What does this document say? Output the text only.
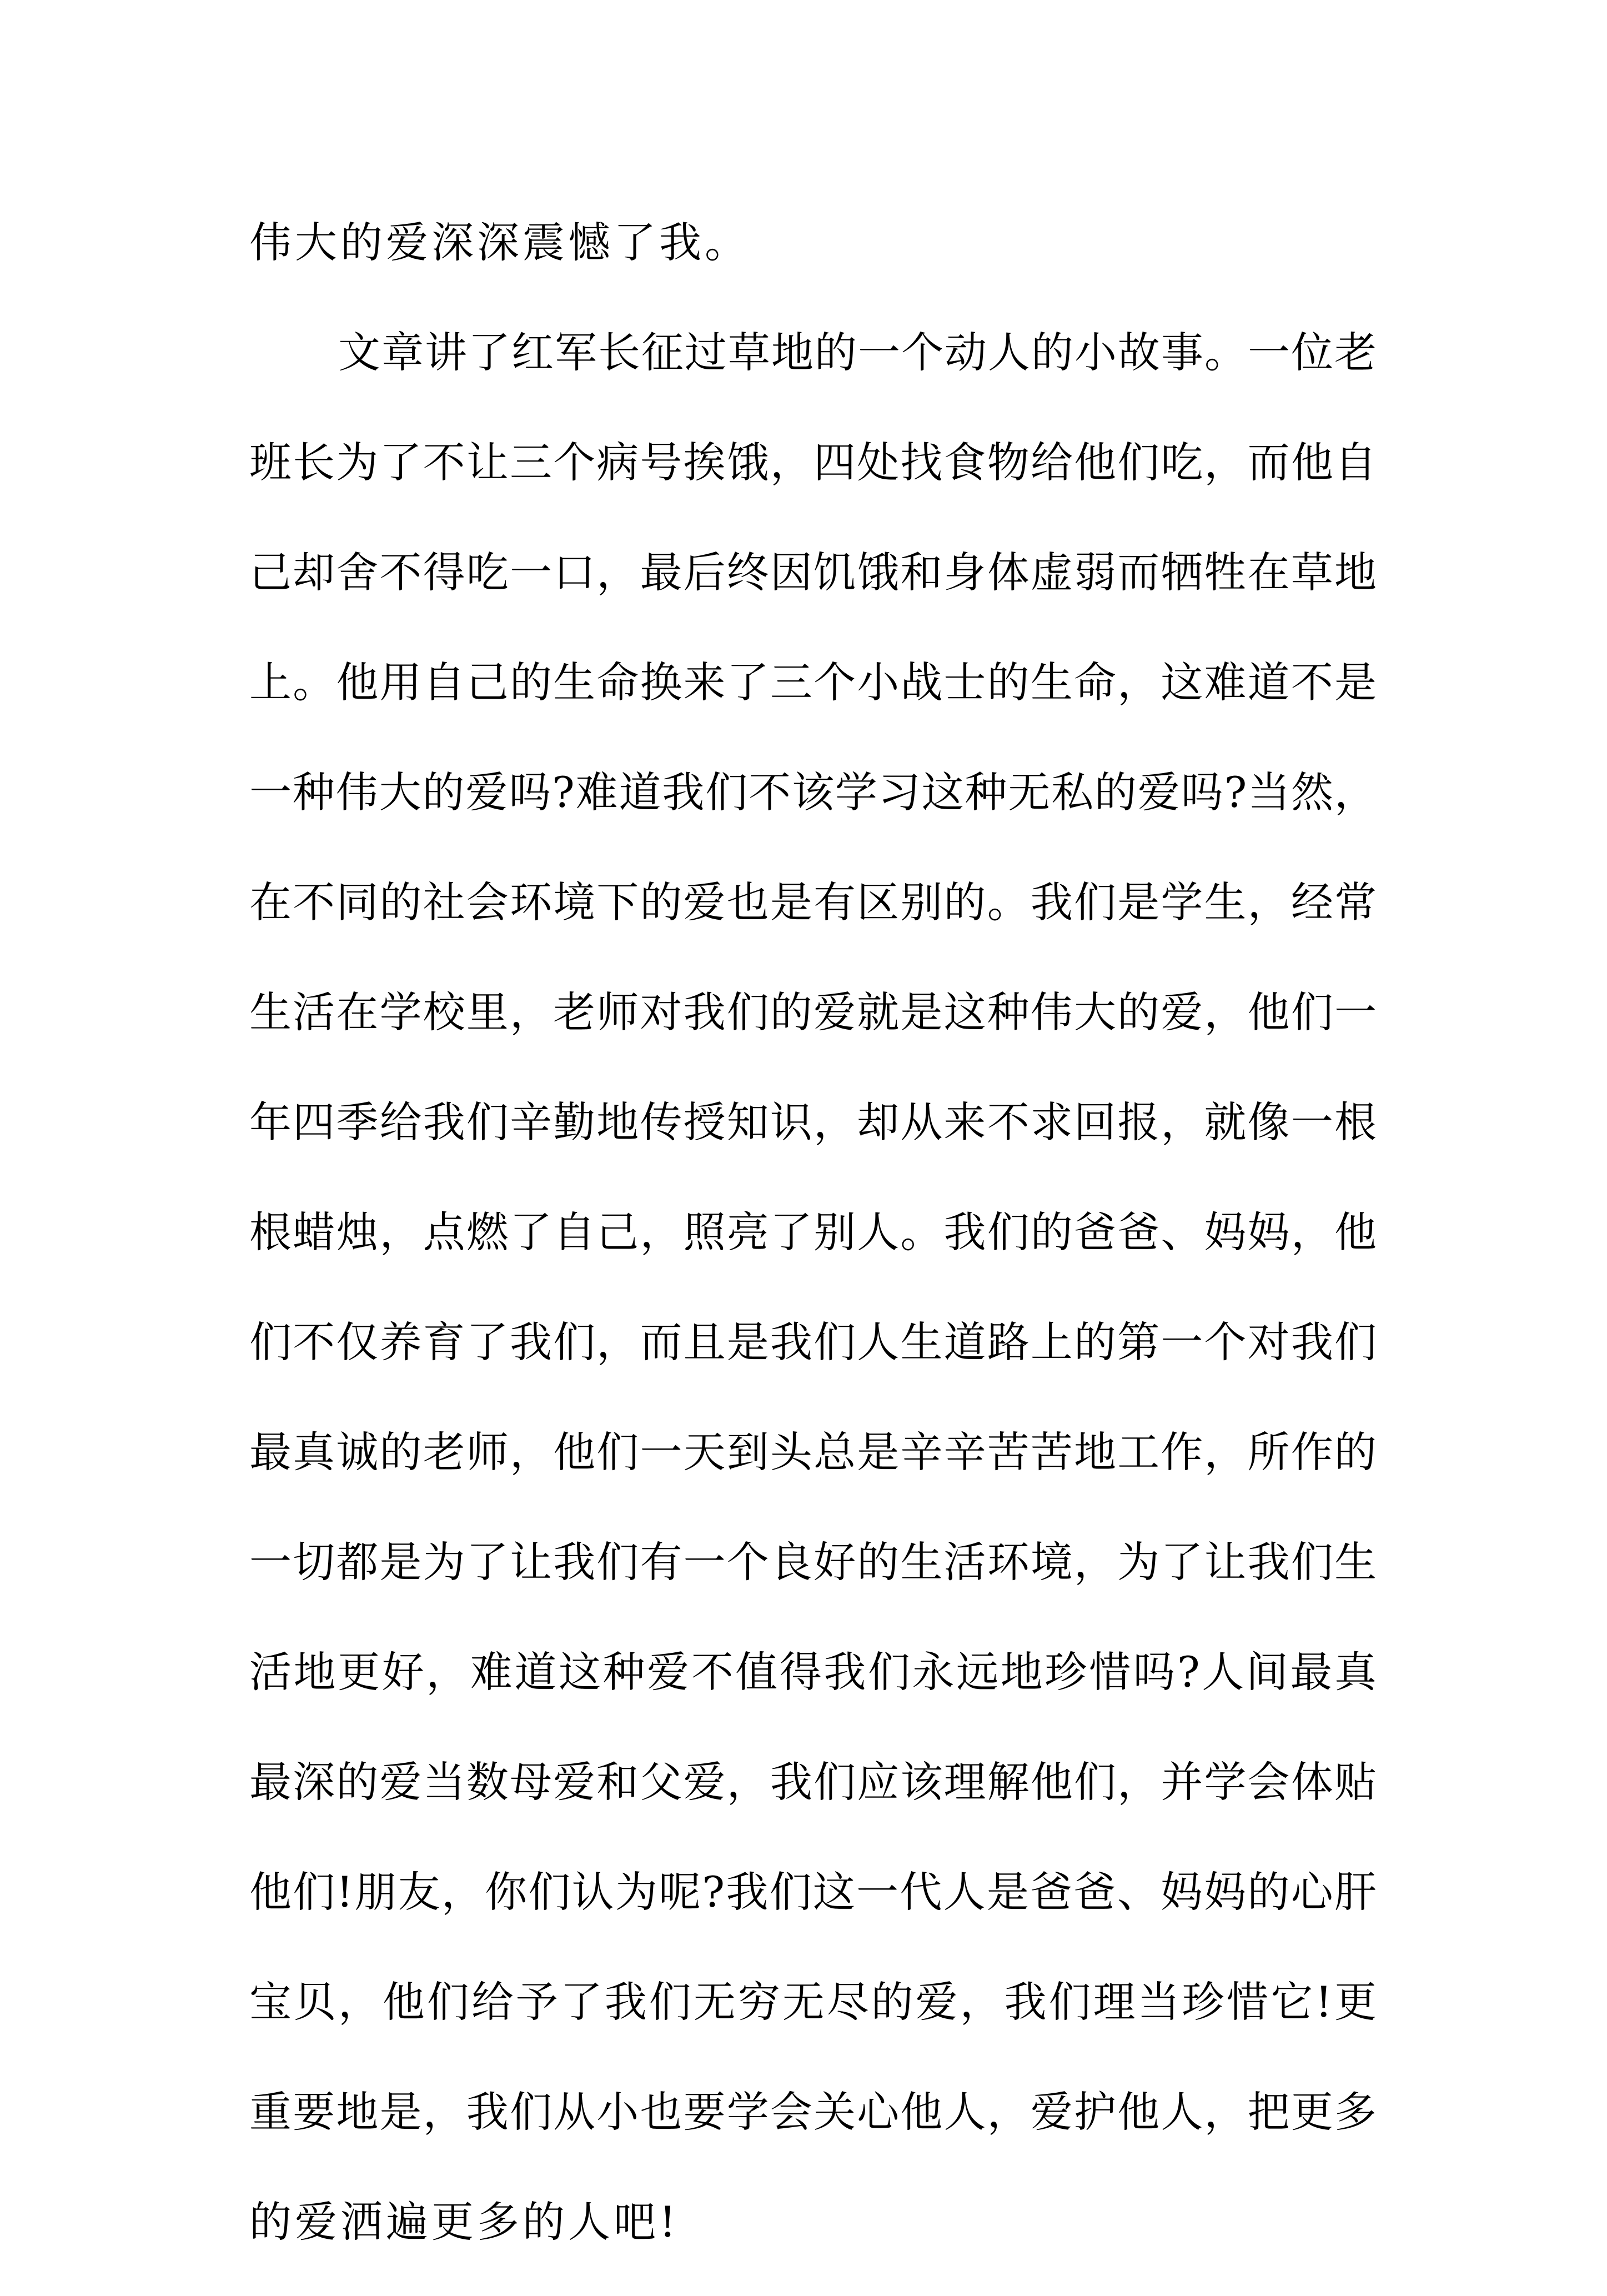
伟大的爱深深震憾了我。
文章讲了红军长征过草地的一个动人的小故事。一位老
班长为了不让三个病号挨饿，四处找食物给他们吃，而他自
己却舍不得吃一口，最后终因饥饿和身体虚弱而牺牲在草地
上。他用自己的生命换来了三个小战士的生命，这难道不是
一种伟大的爱吗?难道我们不该学习这种无私的爱吗?当然，
在不同的社会环境下的爱也是有区别的。我们是学生，经常
生活在学校里，老师对我们的爱就是这种伟大的爱，他们一
年四季给我们辛勤地传授知识，却从来不求回报，就像一根
根蜡烛，点燃了自己，照亮了别人。我们的爸爸、妈妈，他
们不仅养育了我们，而且是我们人生道路上的第一个对我们
最真诚的老师，他们一天到头总是辛辛苦苦地工作，所作的
一切都是为了让我们有一个良好的生活环境，为了让我们生
活地更好，难道这种爱不值得我们永远地珍惜吗?人间最真
最深的爱当数母爱和父爱，我们应该理解他们，并学会体贴
他们!朋友，你们认为呢?我们这一代人是爸爸、妈妈的心肝
宝贝，他们给予了我们无穷无尽的爱，我们理当珍惜它!更
重要地是，我们从小也要学会关心他人，爱护他人，把更多
的爱洒遍更多的人吧!
